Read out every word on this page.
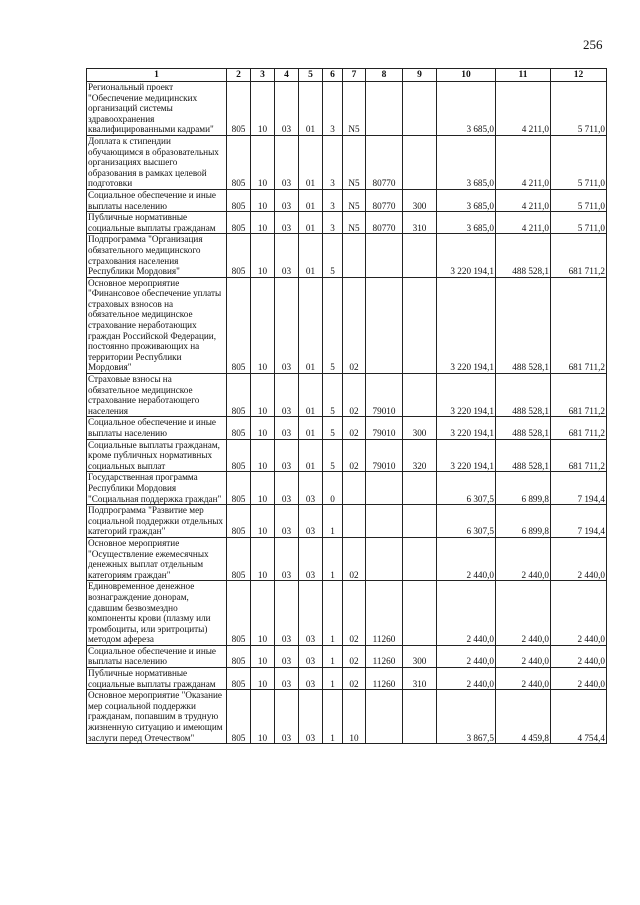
256
1	2	3	4	5	6	7	8	9	10	11	12
Региональный проект "Обеспечение медицинских организаций системы здравоохранения квалифицированными кадрами"	805	10	03	01	3	N5			3 685,0	4 211,0	5 711,0
Доплата к стипендии обучающимся в образовательных организациях высшего образования в рамках целевой подготовки	805	10	03	01	3	N5	80770		3 685,0	4 211,0	5 711,0
Социальное обеспечение и иные выплаты населению	805	10	03	01	3	N5	80770	300	3 685,0	4 211,0	5 711,0
Публичные нормативные социальные выплаты гражданам	805	10	03	01	3	N5	80770	310	3 685,0	4 211,0	5 711,0
Подпрограмма "Организация обязательного медицинского страхования населения Республики Мордовия"	805	10	03	01	5				3 220 194,1	488 528,1	681 711,2
Основное мероприятие "Финансовое обеспечение уплаты страховых взносов на обязательное медицинское страхование неработающих граждан Российской Федерации, постоянно проживающих на территории Республики Мордовия"	805	10	03	01	5	02			3 220 194,1	488 528,1	681 711,2
Страховые взносы на обязательное медицинское страхование неработающего населения	805	10	03	01	5	02	79010		3 220 194,1	488 528,1	681 711,2
Социальное обеспечение и иные выплаты населению	805	10	03	01	5	02	79010	300	3 220 194,1	488 528,1	681 711,2
Социальные выплаты гражданам, кроме публичных нормативных социальных выплат	805	10	03	01	5	02	79010	320	3 220 194,1	488 528,1	681 711,2
Государственная программа Республики Мордовия "Социальная поддержка граждан"	805	10	03	03	0				6 307,5	6 899,8	7 194,4
Подпрограмма "Развитие мер социальной поддержки отдельных категорий граждан"	805	10	03	03	1				6 307,5	6 899,8	7 194,4
Основное мероприятие "Осуществление ежемесячных денежных выплат отдельным категориям граждан"	805	10	03	03	1	02			2 440,0	2 440,0	2 440,0
Единовременное денежное вознаграждение донорам, сдавшим безвозмездно компоненты крови (плазму или тромбоциты, или эритроциты) методом афереза	805	10	03	03	1	02	11260		2 440,0	2 440,0	2 440,0
Социальное обеспечение и иные выплаты населению	805	10	03	03	1	02	11260	300	2 440,0	2 440,0	2 440,0
Публичные нормативные социальные выплаты гражданам	805	10	03	03	1	02	11260	310	2 440,0	2 440,0	2 440,0
Основное мероприятие "Оказание мер социальной поддержки гражданам, попавшим в трудную жизненную ситуацию и имеющим заслуги перед Отечеством"	805	10	03	03	1	10			3 867,5	4 459,8	4 754,4
